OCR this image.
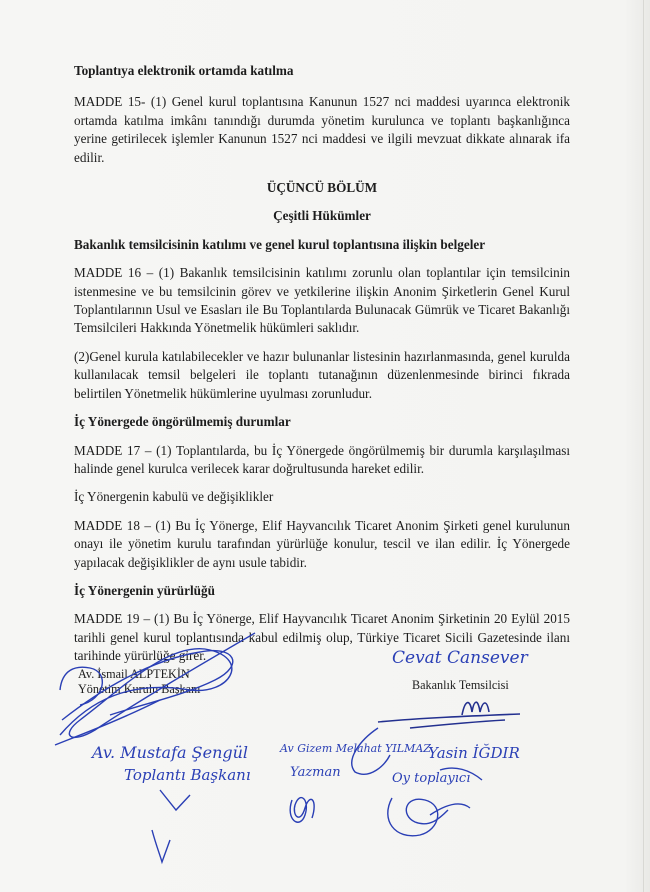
Toplantıya elektronik ortamda katılma

MADDE 15- (1) Genel kurul toplantısına Kanunun 1527 nci maddesi uyarınca elektronik ortamda katılma imkânı tanındığı durumda yönetim kurulunca ve toplantı başkanlığınca yerine getirilecek işlemler Kanunun 1527 nci maddesi ve ilgili mevzuat dikkate alınarak ifa edilir.

ÜÇÜNCÜ BÖLÜM
Çeşitli Hükümler
Bakanlık temsilcisinin katılımı ve genel kurul toplantısına ilişkin belgeler

MADDE 16 – (1) Bakanlık temsilcisinin katılımı zorunlu olan toplantılar için temsilcinin istenmesine ve bu temsilcinin görev ve yetkilerine ilişkin Anonim Şirketlerin Genel Kurul Toplantılarının Usul ve Esasları ile Bu Toplantılarda Bulunacak Gümrük ve Ticaret Bakanlığı Temsilcileri Hakkında Yönetmelik hükümleri saklıdır.

(2)Genel kurula katılabilecekler ve hazır bulunanlar listesinin hazırlanmasında, genel kurulda kullanılacak temsil belgeleri ile toplantı tutanağının düzenlenmesinde birinci fıkrada belirtilen Yönetmelik hükümlerine uyulması zorunludur.

İç Yönergede öngörülmemiş durumlar

MADDE 17 – (1) Toplantılarda, bu İç Yönergede öngörülmemiş bir durumla karşılaşılması halinde genel kurulca verilecek karar doğrultusunda hareket edilir.

İç Yönergenin kabulü ve değişiklikler

MADDE 18 – (1) Bu İç Yönerge, Elif Hayvancılık Ticaret Anonim Şirketi genel kurulunun onayı ile yönetim kurulu tarafından yürürlüğe konulur, tescil ve ilan edilir. İç Yönergede yapılacak değişiklikler de aynı usule tabidir.

İç Yönergenin yürürlüğü

MADDE 19 – (1) Bu İç Yönerge, Elif Hayvancılık Ticaret Anonim Şirketinin 20 Eylül 2015 tarihli genel kurul toplantısında kabul edilmiş olup, Türkiye Ticaret Sicili Gazetesinde ilanı tarihinde yürürlüğe girer.

Av. İsmail ALPTEKİN
Yönetim Kurulu Başkanı	Bakanlık Temsilcisi
Cevat Cansever
Av. Mustafa Şengül
Toplantı Başkanı
Av Gizem Melahat YILMAZ
Yazman
Yasin İĞDIR
Oy toplayıcı
